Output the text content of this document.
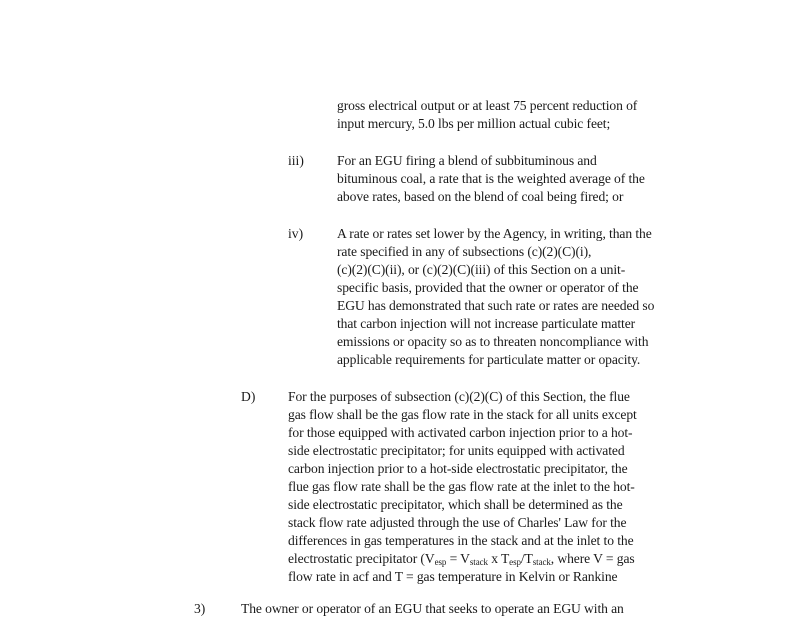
gross electrical output or at least 75 percent reduction of
input mercury, 5.0 lbs per million actual cubic feet;
iii) For an EGU firing a blend of subbituminous and
bituminous coal, a rate that is the weighted average of the
above rates, based on the blend of coal being fired; or
iv) A rate or rates set lower by the Agency, in writing, than the
rate specified in any of subsections (c)(2)(C)(i),
(c)(2)(C)(ii), or (c)(2)(C)(iii) of this Section on a unit-
specific basis, provided that the owner or operator of the
EGU has demonstrated that such rate or rates are needed so
that carbon injection will not increase particulate matter
emissions or opacity so as to threaten noncompliance with
applicable requirements for particulate matter or opacity.
D) For the purposes of subsection (c)(2)(C) of this Section, the flue
gas flow shall be the gas flow rate in the stack for all units except
for those equipped with activated carbon injection prior to a hot-
side electrostatic precipitator; for units equipped with activated
carbon injection prior to a hot-side electrostatic precipitator, the
flue gas flow rate shall be the gas flow rate at the inlet to the hot-
side electrostatic precipitator, which shall be determined as the
stack flow rate adjusted through the use of Charles' Law for the
differences in gas temperatures in the stack and at the inlet to the
electrostatic precipitator ($V_{esp} = V_{stack}$ x $T_{esp}/T_{stack}$, where V = gas
flow rate in acf and T = gas temperature in Kelvin or Rankine
3)	The owner or operator of an EGU that seeks to operate an EGU with an
